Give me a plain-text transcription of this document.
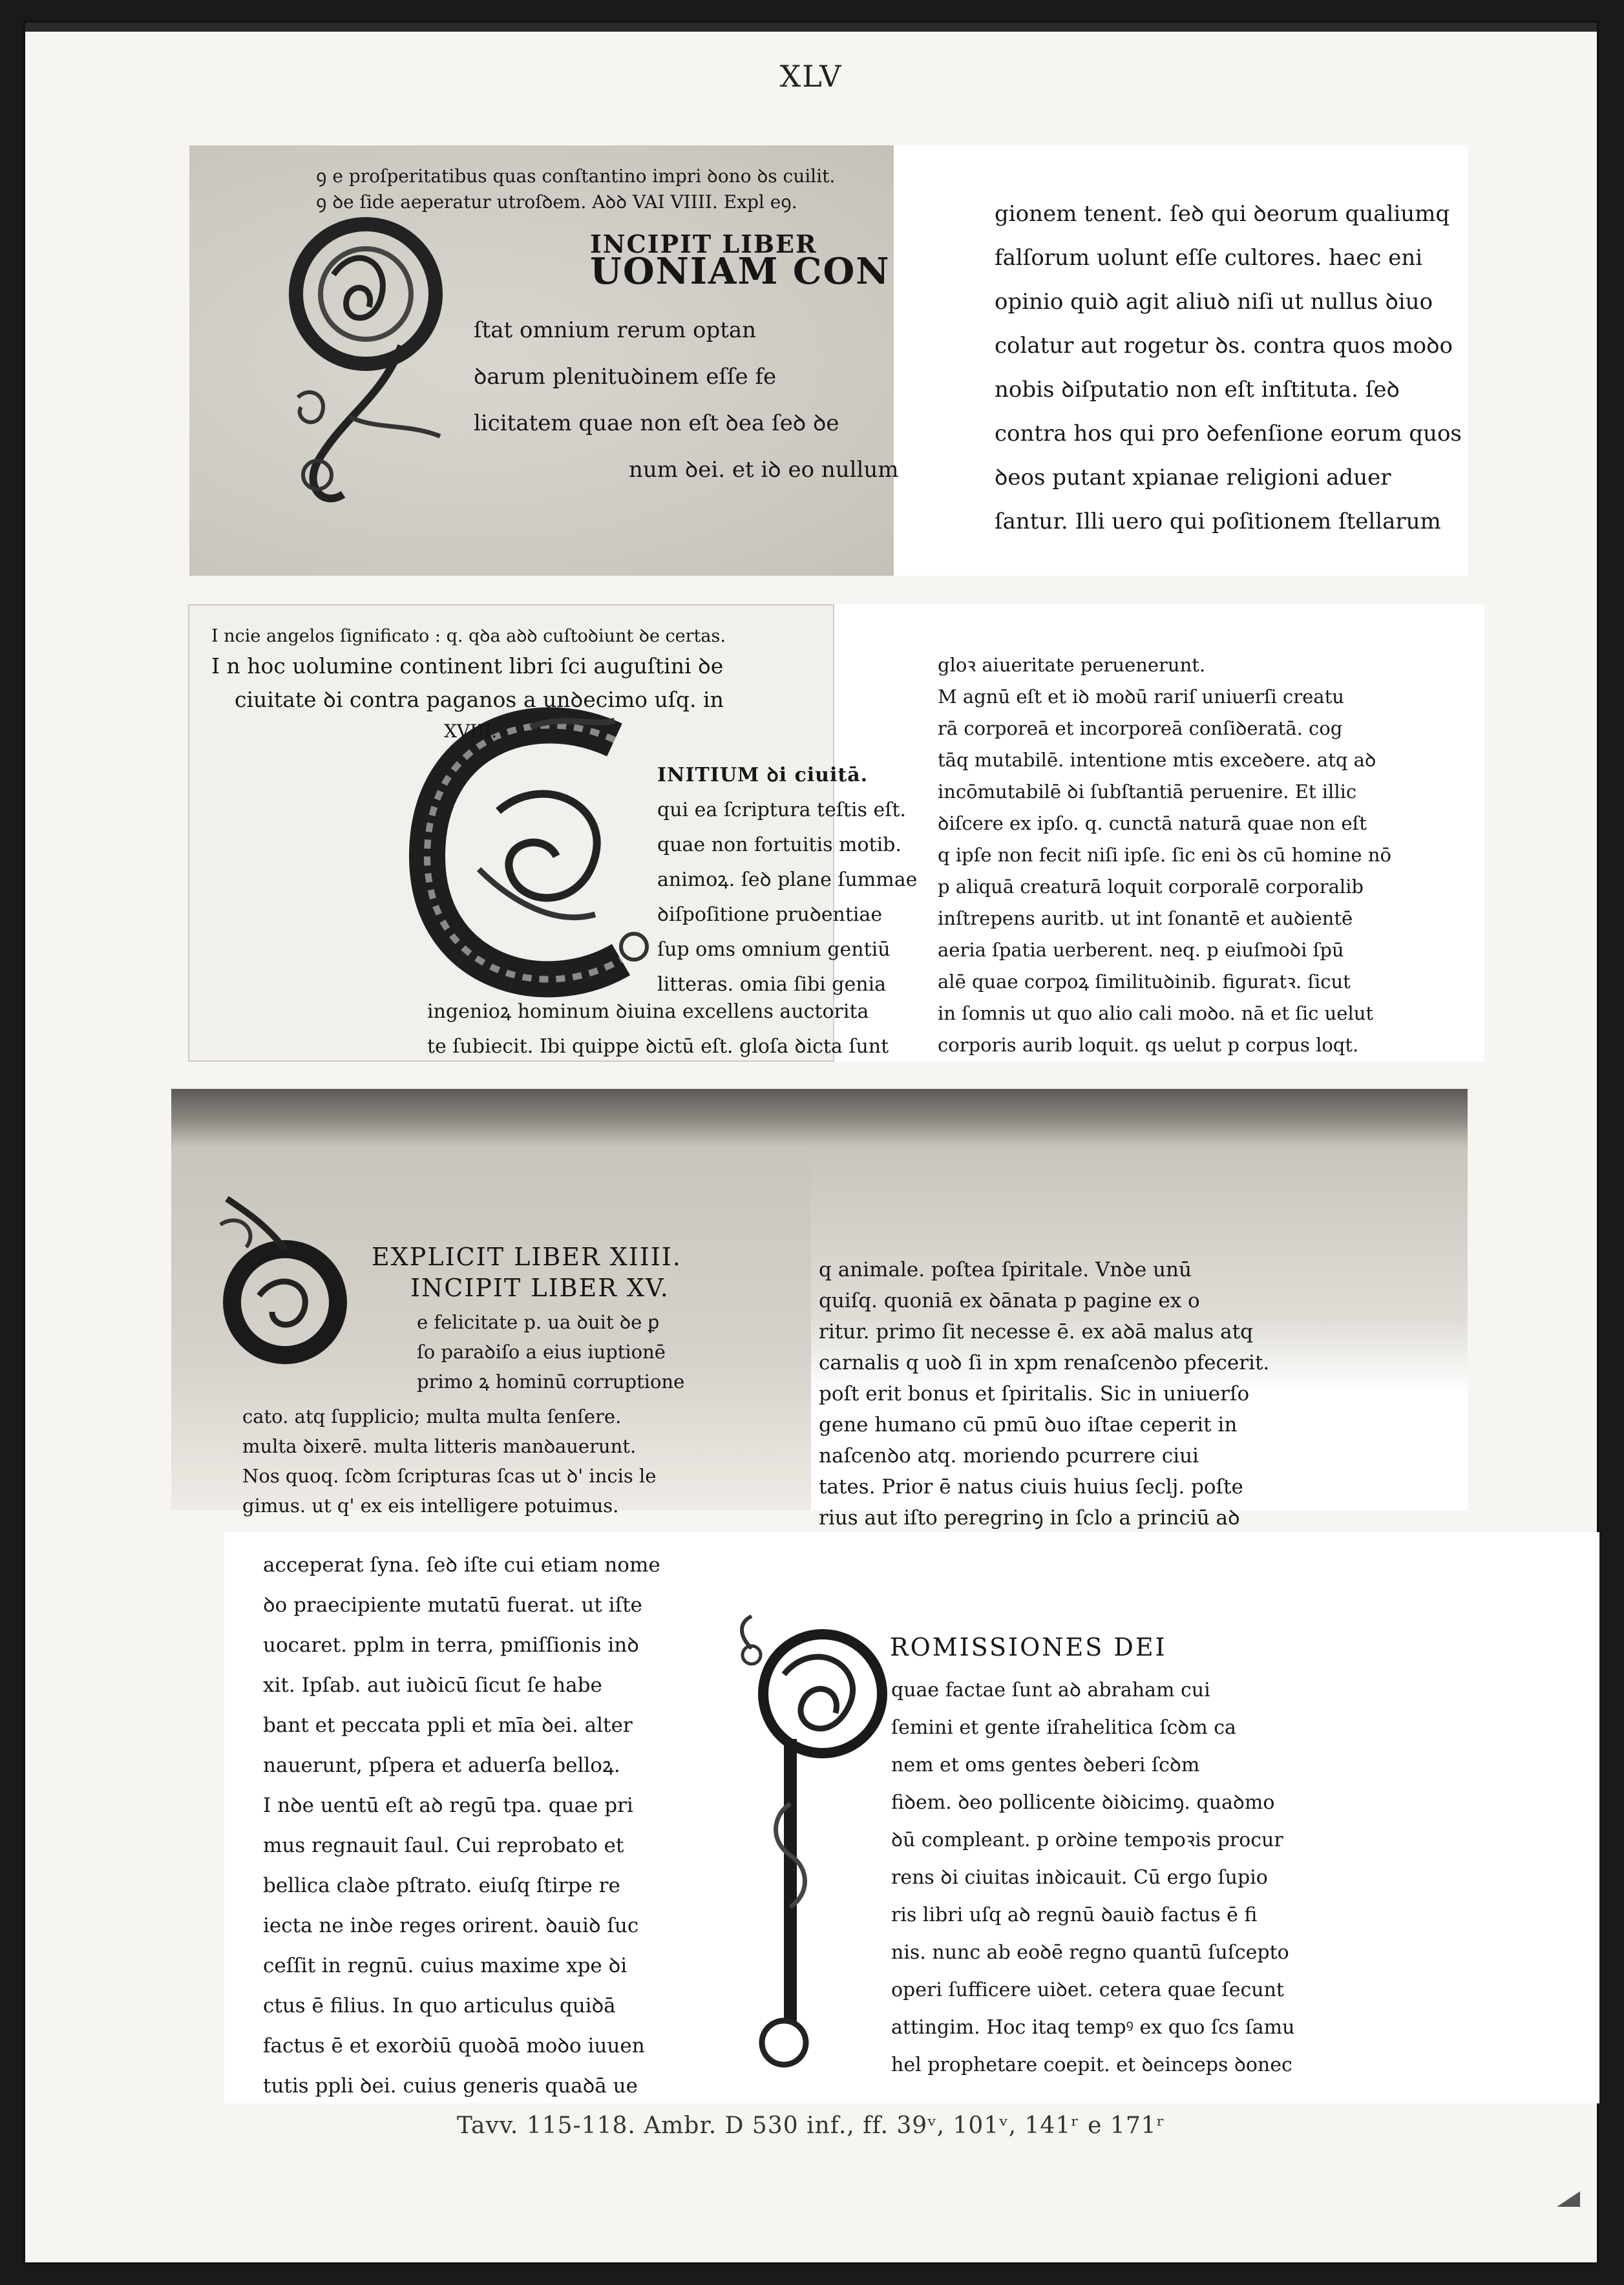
XLV
ꝯ e proſperitatibus quas conſtantino impri ꝺono ꝺs cuilit.
ꝯ ꝺe ſide aeperatur utroſꝺem. Aꝺꝺ VAI VIIII. Expl eꝯ.
INCIPIT LIBER
UONIAM CON
ſtat omnium rerum optan
ꝺarum plenituꝺinem eſſe fe
licitatem quae non eſt ꝺea ſeꝺ ꝺe
num ꝺei. et iꝺ eo nullum
gionem tenent. ſeꝺ qui ꝺeorum qualiumq
falſorum uolunt eſſe cultores. haec eni
opinio quiꝺ agit aliuꝺ niſi ut nullus ꝺiuo
colatur aut rogetur ꝺs. contra quos moꝺo
nobis ꝺiſputatio non eſt inſtituta. ſeꝺ
contra hos qui pro ꝺefenſione eorum quos
ꝺeos putant xpianae religioni aduer
ſantur. Illi uero qui poſitionem ſtellarum
I ncie angelos ſignificato : q. qꝺa aꝺꝺ cuſtoꝺiunt ꝺe certas.
I n hoc uolumine continent libri ſci auguſtini ꝺe
ciuitate ꝺi contra paganos a unꝺecimo uſq. in
XVIII.
INITIUM ꝺi ciuitā.
qui ea ſcriptura teſtis eſt.
quae non fortuitis motib.
animoꝝ. ſeꝺ plane ſummae
ꝺiſpoſitione pruꝺentiae
ſup oms omnium gentiū
litteras. omia ſibi genia
ingenioꝝ hominum ꝺiuina excellens auctorita
te ſubiecit. Ibi quippe ꝺictū eſt. gloſa ꝺicta ſunt
gloꝛ aiueritate peruenerunt.
M agnū eſt et iꝺ moꝺū rariſ uniuerſi creatu
rā corporeā et incorporeā conſiꝺeratā. cog
tāq mutabilē. intentione mtis exceꝺere. atq aꝺ
incōmutabilē ꝺi ſubſtantiā peruenire. Et illic
ꝺiſcere ex ipſo. q. cunctā naturā quae non eſt
q ipſe non fecit niſi ipſe. ſic eni ꝺs cū homine nō
p aliquā creaturā loquit corporalē corporalib
inſtrepens auritb. ut int ſonantē et auꝺientē
aeria ſpatia uerberent. neq. p eiuſmoꝺi ſpū
alē quae corpoꝝ ſimilituꝺinib. figuratꝛ. ſicut
in ſomnis ut quo alio cali moꝺo. nā et ſic uelut
corporis aurib loquit. qs uelut p corpus loqt.
EXPLICIT LIBER XIIII.
INCIPIT LIBER XV.
e felicitate p. ua ꝺuit ꝺe ꝑ
ſo paraꝺiſo a eius iuptionē
primo ꝝ hominū corruptione
cato. atq ſupplicio; multa multa ſenſere.
multa ꝺixerē. multa litteris manꝺauerunt.
Nos quoq. ſcꝺm ſcripturas ſcas ut ꝺ' incis le
gimus. ut q' ex eis intelligere potuimus.
q animale. poſtea ſpiritale. Vnꝺe unū
quiſq. quoniā ex ꝺānata p pagine ex o
ritur. primo ſit necesse ē. ex aꝺā malus atq
carnalis q uoꝺ ſi in xpm renaſcenꝺo pfecerit.
poſt erit bonus et ſpiritalis. Sic in uniuerſo
gene humano cū pmū ꝺuo iſtae ceperit in
naſcenꝺo atq. moriendo pcurrere ciui
tates. Prior ē natus ciuis huius ſeclj. poſte
rius aut iſto peregrinꝯ in ſclo a princiū aꝺ
acceperat ſyna. ſeꝺ iſte cui etiam nome
ꝺo praecipiente mutatū fuerat. ut iſte
uocaret. pplm in terra, pmiſſionis inꝺ
xit. Ipſab. aut iuꝺicū ſicut ſe habe
bant et peccata ppli et mīa ꝺei. alter
nauerunt, pſpera et aduerſa belloꝝ.
I nꝺe uentū eſt aꝺ regū tpa. quae pri
mus regnauit ſaul. Cui reprobato et
bellica claꝺe pſtrato. eiuſq ſtirpe re
iecta ne inꝺe reges orirent. ꝺauiꝺ ſuc
ceſſit in regnū. cuius maxime xpe ꝺi
ctus ē filius. In quo articulus quiꝺā
factus ē et exorꝺiū quoꝺā moꝺo iuuen
tutis ppli ꝺei. cuius generis quaꝺā ue
ROMISSIONES DEI
quae factae ſunt aꝺ abraham cui
ſemini et gente iſrahelitica ſcꝺm ca
nem et oms gentes ꝺeberi ſcꝺm
fiꝺem. ꝺeo pollicente ꝺiꝺicimꝯ. quaꝺmo
ꝺū compleant. p orꝺine tempoꝛis procur
rens ꝺi ciuitas inꝺicauit. Cū ergo ſupio
ris libri uſq aꝺ regnū ꝺauiꝺ factus ē fi
nis. nunc ab eoꝺē regno quantū ſuſcepto
operi ſufficere uiꝺet. cetera quae ſecunt
attingim. Hoc itaq tempꝰ ex quo ſcs ſamu
hel prophetare coepit. et ꝺeinceps ꝺonec
Tavv. 115-118. Ambr. D 530 inf., ff. 39ᵛ, 101ᵛ, 141ʳ e 171ʳ
